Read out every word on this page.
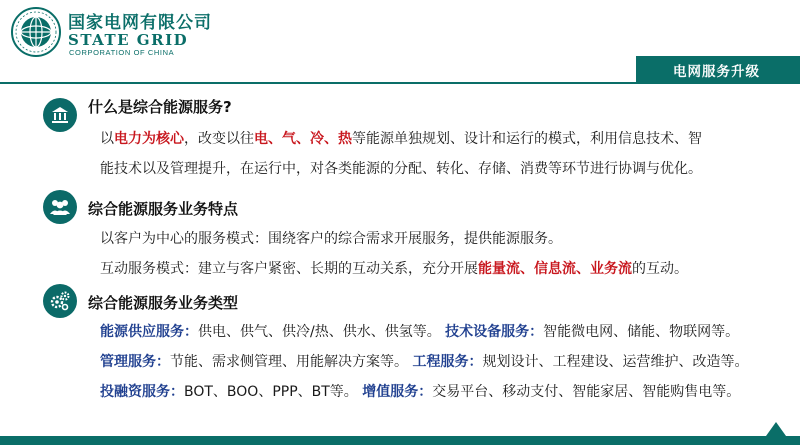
国家电网有限公司
STATE GRID
CORPORATION OF CHINA
电网服务升级
什么是综合能源服务?
以电力为核心，改变以往电、气、冷、热等能源单独规划、设计和运行的模式，利用信息技术、智
能技术以及管理提升，在运行中，对各类能源的分配、转化、存储、消费等环节进行协调与优化。
综合能源服务业务特点
以客户为中心的服务模式：围绕客户的综合需求开展服务，提供能源服务。
互动服务模式：建立与客户紧密、长期的互动关系，充分开展能量流、信息流、业务流的互动。
综合能源服务业务类型
能源供应服务：供电、供气、供冷/热、供水、供氢等。 技术设备服务：智能微电网、储能、物联网等。
管理服务：节能、需求侧管理、用能解决方案等。 工程服务：规划设计、工程建设、运营维护、改造等。
投融资服务：BOT、BOO、PPP、BT等。 增值服务：交易平台、移动支付、智能家居、智能购售电等。
